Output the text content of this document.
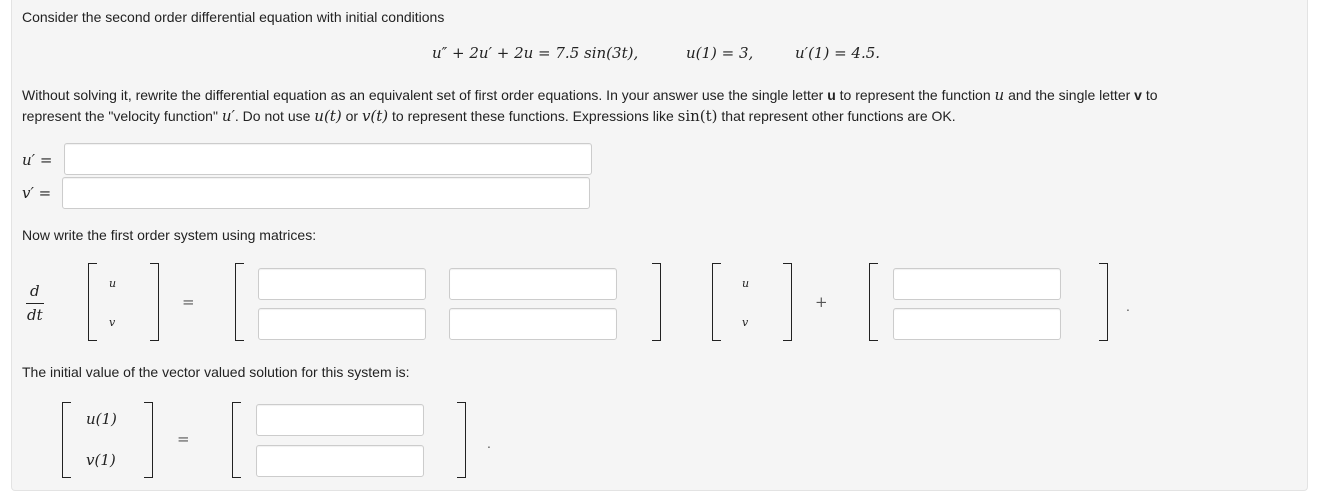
Consider the second order differential equation with initial conditions
u″ + 2u′ + 2u = 7.5 sin(3t),	u(1) = 3,	u′(1) = 4.5.
Without solving it, rewrite the differential equation as an equivalent set of first order equations. In your answer use the single letter u to represent the function u and the single letter v to
represent the "velocity function" u′. Do not use u(t) or v(t) to represent these functions. Expressions like sin(t) that represent other functions are OK.
u′ =
v′ =
Now write the first order system using matrices:
d
dt
u
v
=
u
v
+	.
The initial value of the vector valued solution for this system is:
u(1)
v(1)
=	.
